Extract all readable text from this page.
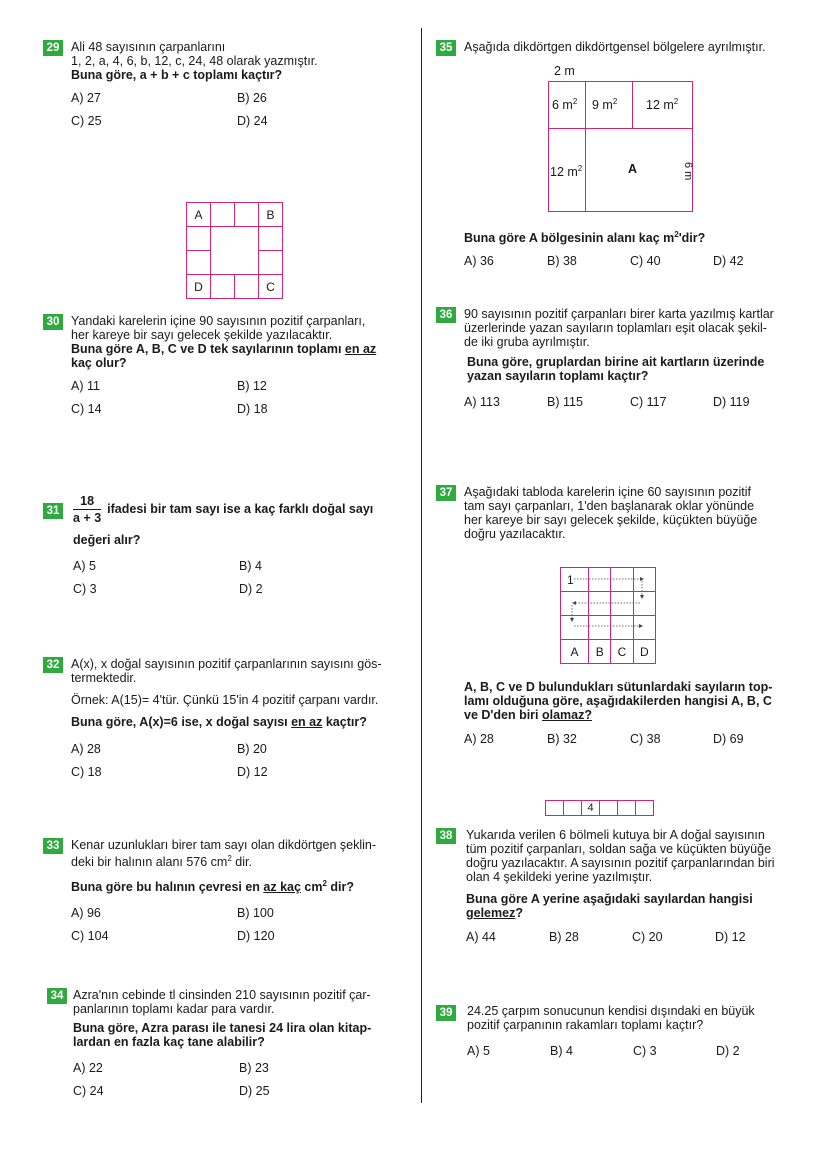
29 Ali 48 sayısının çarpanlarını

1, 2, a, 4, 6, b, 12, c, 24, 48 olarak yazmıştır.

Buna göre, a + b + c toplamı kaçtır?

A) 27	B) 26
C) 25	D) 24
A			B

D			C
30 Yandaki karelerin içine 90 sayısının pozitif çarpanları,

her kareye bir sayı gelecek şekilde yazılacaktır.

Buna göre A, B, C ve D tek sayılarının toplamı en az
kaç olur?

A) 11	B) 12
C) 14	D) 18
$31 \frac{18}{a + 3}$ ifadesi bir tam sayı ise a kaç farklı doğal sayı

değeri alır?

A) 5	B) 4
C) 3	D) 2
32 A(x), x doğal sayısının pozitif çarpanlarının sayısını gös-

termektedir.

Örnek: A(15)= 4'tür. Çünkü 15'in 4 pozitif çarpanı vardır.

Buna göre, A(x)=6 ise, x doğal sayısı en az kaçtır?

A) 28	B) 20
C) 18	D) 12
33 Kenar uzunlukları birer tam sayı olan dikdörtgen şeklin-

deki bir halının alanı 576 $cm^2$ dir.

Buna göre bu halının çevresi en az kaç $cm^2$ dir?

A) 96	B) 100
C) 104	D) 120
34 Azra'nın cebinde tl cinsinden 210 sayısının pozitif çar-

panlarının toplamı kadar para vardır.

Buna göre, Azra parası ile tanesi 24 lira olan kitap-

lardan en fazla kaç tane alabilir?

A) 22	B) 23
C) 24	D) 25
35 Aşağıda dikdörtgen dikdörtgensel bölgelere ayrılmıştır.

2 m
6 $m^2$ 9 $m^2$ 12 $m^2$
12 $m^2$	A	6 m

Buna göre A bölgesinin alanı kaç $m^2'dir$?

A) 36	B) 38	C) 40	D) 42
36 90 sayısının pozitif çarpanları birer karta yazılmış kartlar

üzerlerinde yazan sayıların toplamları eşit olacak şekil-

de iki gruba ayrılmıştır.

Buna göre, gruplardan birine ait kartların üzerinde

yazan sayıların toplamı kaçtır?

A) 113	B) 115	C) 117	D) 119
37 Aşağıdaki tabloda karelerin içine 60 sayısının pozitif

tam sayı çarpanları, 1'den başlanarak oklar yönünde

her kareye bir sayı gelecek şekilde, küçükten büyüğe

doğru yazılacaktır.

1			

A	B	C	D

A, B, C ve D bulundukları sütunlardaki sayıların top-

lamı olduğuna göre, aşağıdakilerden hangisi A, B, C

ve D'den biri olamaz?

A) 28	B) 32	C) 38	D) 69
		4			
38 Yukarıda verilen 6 bölmeli kutuya bir A doğal sayısının

tüm pozitif çarpanları, soldan sağa ve küçükten büyüğe

doğru yazılacaktır. A sayısının pozitif çarpanlarından biri

olan 4 şekildeki yerine yazılmıştır.

Buna göre A yerine aşağıdaki sayılardan hangisi

gelemez?

A) 44	B) 28	C) 20	D) 12
39 24.25 çarpım sonucunun kendisi dışındaki en büyük

pozitif çarpanının rakamları toplamı kaçtır?

A) 5	B) 4	C) 3	D) 2
